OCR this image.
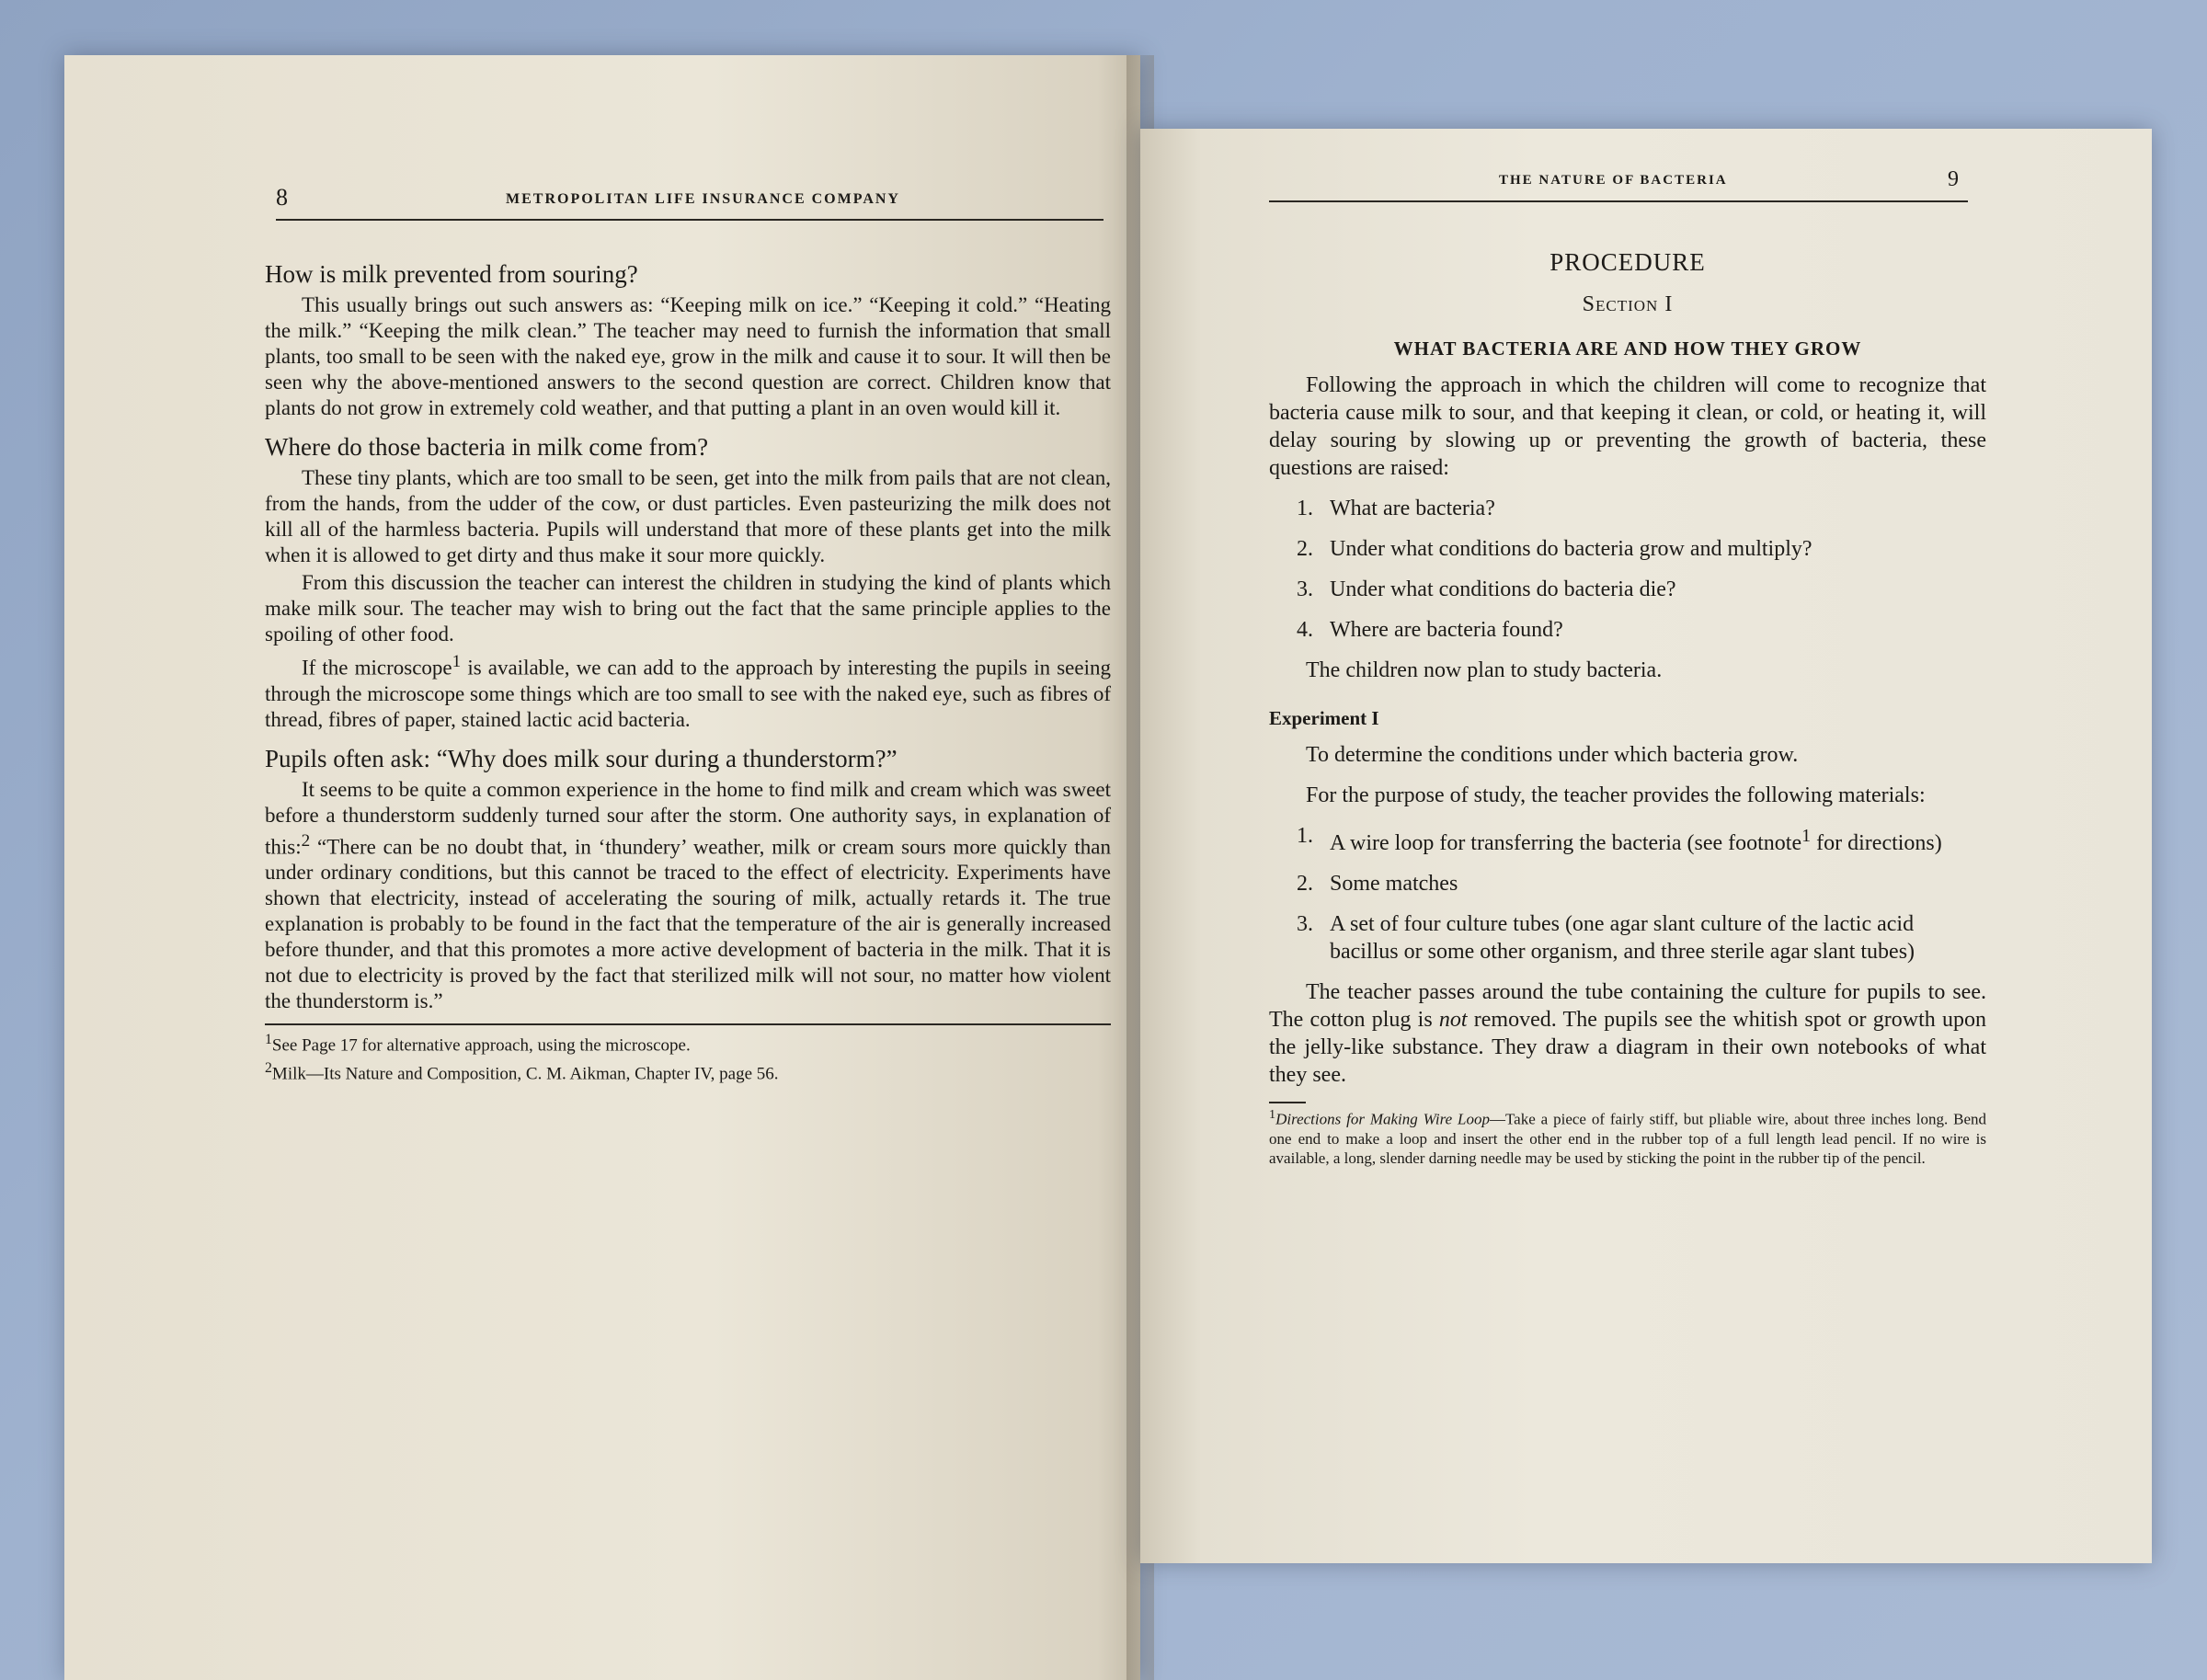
8	METROPOLITAN LIFE INSURANCE COMPANY
How is milk prevented from souring?

This usually brings out such answers as: “Keeping milk on ice.” “Keeping it cold.” “Heating the milk.” “Keeping the milk clean.” The teacher may need to furnish the information that small plants, too small to be seen with the naked eye, grow in the milk and cause it to sour. It will then be seen why the above-mentioned answers to the second question are correct. Children know that plants do not grow in extremely cold weather, and that putting a plant in an oven would kill it.

Where do those bacteria in milk come from?

These tiny plants, which are too small to be seen, get into the milk from pails that are not clean, from the hands, from the udder of the cow, or dust particles. Even pasteurizing the milk does not kill all of the harmless bacteria. Pupils will understand that more of these plants get into the milk when it is allowed to get dirty and thus make it sour more quickly.

From this discussion the teacher can interest the children in studying the kind of plants which make milk sour. The teacher may wish to bring out the fact that the same principle applies to the spoiling of other food.

If the microscope$^1$ is available, we can add to the approach by interesting the pupils in seeing through the microscope some things which are too small to see with the naked eye, such as fibres of thread, fibres of paper, stained lactic acid bacteria.

Pupils often ask: “Why does milk sour during a thunderstorm?”

It seems to be quite a common experience in the home to find milk and cream which was sweet before a thunderstorm suddenly turned sour after the storm. One authority says, in explanation of this:$^2$ “There can be no doubt that, in ‘thundery’ weather, milk or cream sours more quickly than under ordinary conditions, but this cannot be traced to the effect of electricity. Experiments have shown that electricity, instead of accelerating the souring of milk, actually retards it. The true explanation is probably to be found in the fact that the temperature of the air is generally increased before thunder, and that this promotes a more active development of bacteria in the milk. That it is not due to electricity is proved by the fact that sterilized milk will not sour, no matter how violent the thunderstorm is.”

$^1$See Page 17 for alternative approach, using the microscope.
$^2$Milk—Its Nature and Composition, C. M. Aikman, Chapter IV, page 56.
THE NATURE OF BACTERIA	9
PROCEDURE
Section I
WHAT BACTERIA ARE AND HOW THEY GROW

Following the approach in which the children will come to recognize that bacteria cause milk to sour, and that keeping it clean, or cold, or heating it, will delay souring by slowing up or preventing the growth of bacteria, these questions are raised:

1. What are bacteria?
2. Under what conditions do bacteria grow and multiply?
3. Under what conditions do bacteria die?
4. Where are bacteria found?

The children now plan to study bacteria.

Experiment I

To determine the conditions under which bacteria grow.

For the purpose of study, the teacher provides the following materials:

1. A wire loop for transferring the bacteria (see footnote$^1$ for directions)
2. Some matches
3. A set of four culture tubes (one agar slant culture of the lactic acid bacillus or some other organism, and three sterile agar slant tubes)

The teacher passes around the tube containing the culture for pupils to see. The cotton plug is not removed. The pupils see the whitish spot or growth upon the jelly-like substance. They draw a diagram in their own notebooks of what they see.

$^1$Directions for Making Wire Loop—Take a piece of fairly stiff, but pliable wire, about three inches long. Bend one end to make a loop and insert the other end in the rubber top of a full length lead pencil. If no wire is available, a long, slender darning needle may be used by sticking the point in the rubber tip of the pencil.
